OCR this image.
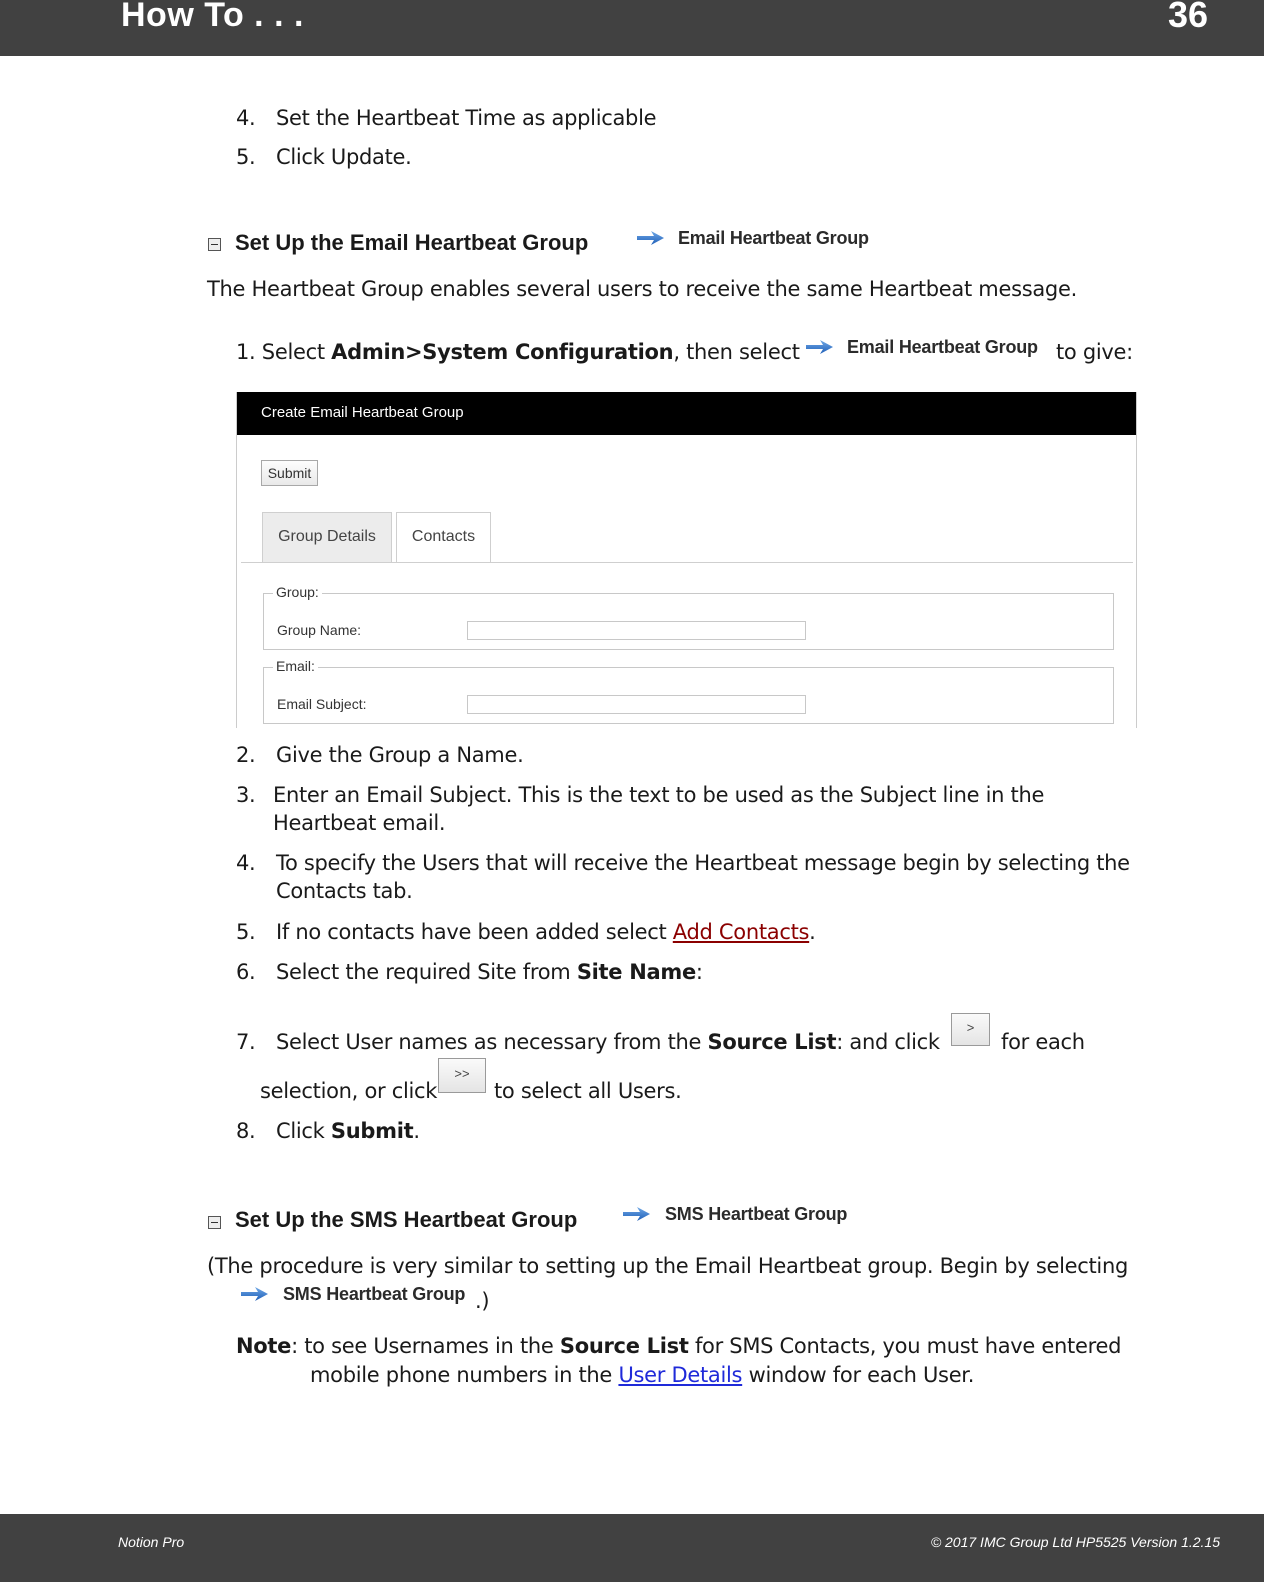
How To . . .	36
4. Set the Heartbeat Time as applicable
5. Click Update.
Set Up the Email Heartbeat Group	Email Heartbeat Group
The Heartbeat Group enables several users to receive the same Heartbeat message.
1. Select Admin>System Configuration, then select	Email Heartbeat Group to give:
Create Email Heartbeat Group
Submit
Group Details	Contacts
Group:
Group Name:
Email:
Email Subject:
2. Give the Group a Name.
3. Enter an Email Subject. This is the text to be used as the Subject line in the
Heartbeat email.
4. To specify the Users that will receive the Heartbeat message begin by selecting the
Contacts tab.
5. If no contacts have been added select Add Contacts.
6. Select the required Site from Site Name:
7. Select User names as necessary from the Source List: and click
>
for each
selection, or click
>>
to select all Users.
8. Click Submit.
Set Up the SMS Heartbeat Group	SMS Heartbeat Group
(The procedure is very similar to setting up the Email Heartbeat group. Begin by selecting
SMS Heartbeat Group .)
Note: to see Usernames in the Source List for SMS Contacts, you must have entered
mobile phone numbers in the User Details window for each User.
Notion Pro	© 2017 IMC Group Ltd HP5525 Version 1.2.15
